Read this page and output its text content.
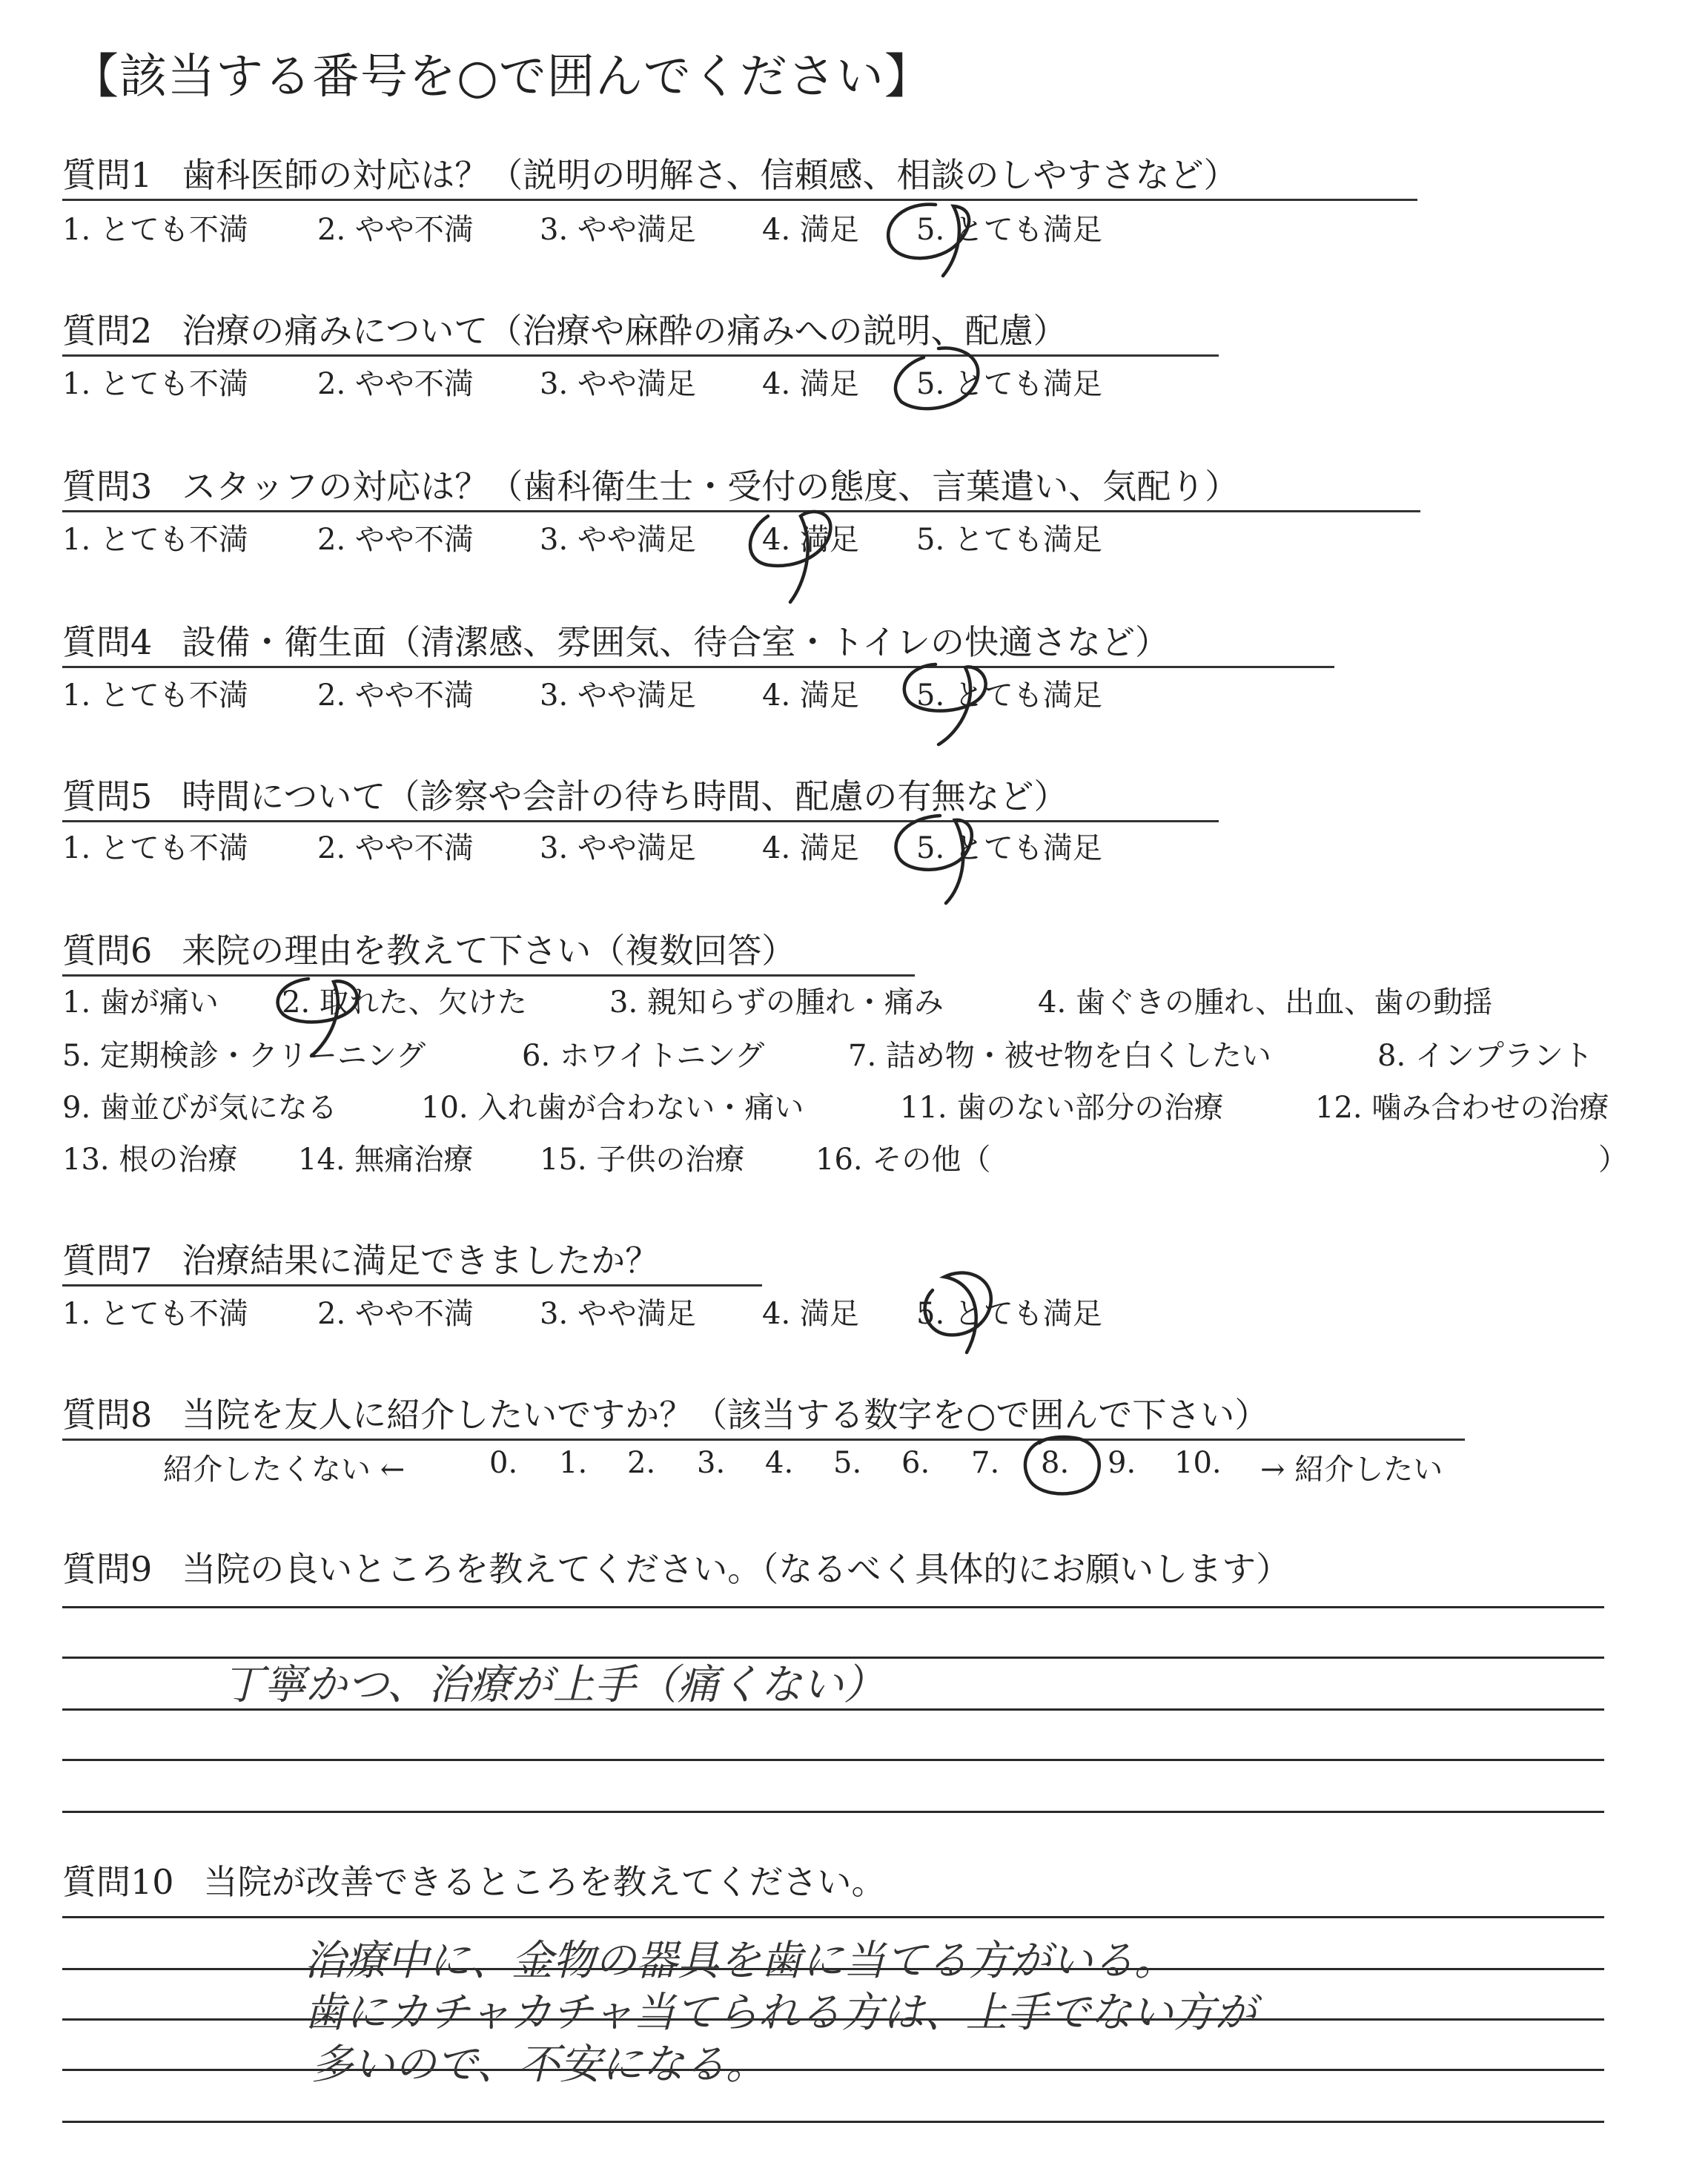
【該当する番号を○で囲んでください】
質問1 歯科医師の対応は？（説明の明解さ、信頼感、相談のしやすさなど）
1. とても不満 2. やや不満 3. やや満足 4. 満足 5. とても満足
質問2 治療の痛みについて（治療や麻酔の痛みへの説明、配慮）
1. とても不満 2. やや不満 3. やや満足 4. 満足 5. とても満足
質問3 スタッフの対応は？（歯科衛生士・受付の態度、言葉遣い、気配り）
1. とても不満 2. やや不満 3. やや満足 4. 満足 5. とても満足
質問4 設備・衛生面（清潔感、雰囲気、待合室・トイレの快適さなど）
1. とても不満 2. やや不満 3. やや満足 4. 満足 5. とても満足
質問5 時間について（診察や会計の待ち時間、配慮の有無など）
1. とても不満 2. やや不満 3. やや満足 4. 満足 5. とても満足
質問6 来院の理由を教えて下さい（複数回答）
1. 歯が痛い 2. 取れた、欠けた	3. 親知らずの腫れ・痛み	4. 歯ぐきの腫れ、出血、歯の動揺
5. 定期検診・クリーニング	6. ホワイトニング	7. 詰め物・被せ物を白くしたい	8. インプラント
9. 歯並びが気になる	10. 入れ歯が合わない・痛い	11. 歯のない部分の治療	12. 噛み合わせの治療
13. 根の治療 14. 無痛治療 15. 子供の治療 16. その他（	）
質問7 治療結果に満足できましたか？
1. とても不満 2. やや不満 3. やや満足 4. 満足 5. とても満足
質問8 当院を友人に紹介したいですか？（該当する数字を○で囲んで下さい）
紹介したくない ←	0. 1. 2. 3. 4. 5. 6. 7. 8. 9. 10. → 紹介したい
質問9 当院の良いところを教えてください。（なるべく具体的にお願いします）
丁寧かつ、治療が上手（痛くない）
質問10 当院が改善できるところを教えてください。
治療中に、金物の器具を歯に当てる方がいる。
歯にカチャカチャ当てられる方は、上手でない方が
多いので、不安になる。
